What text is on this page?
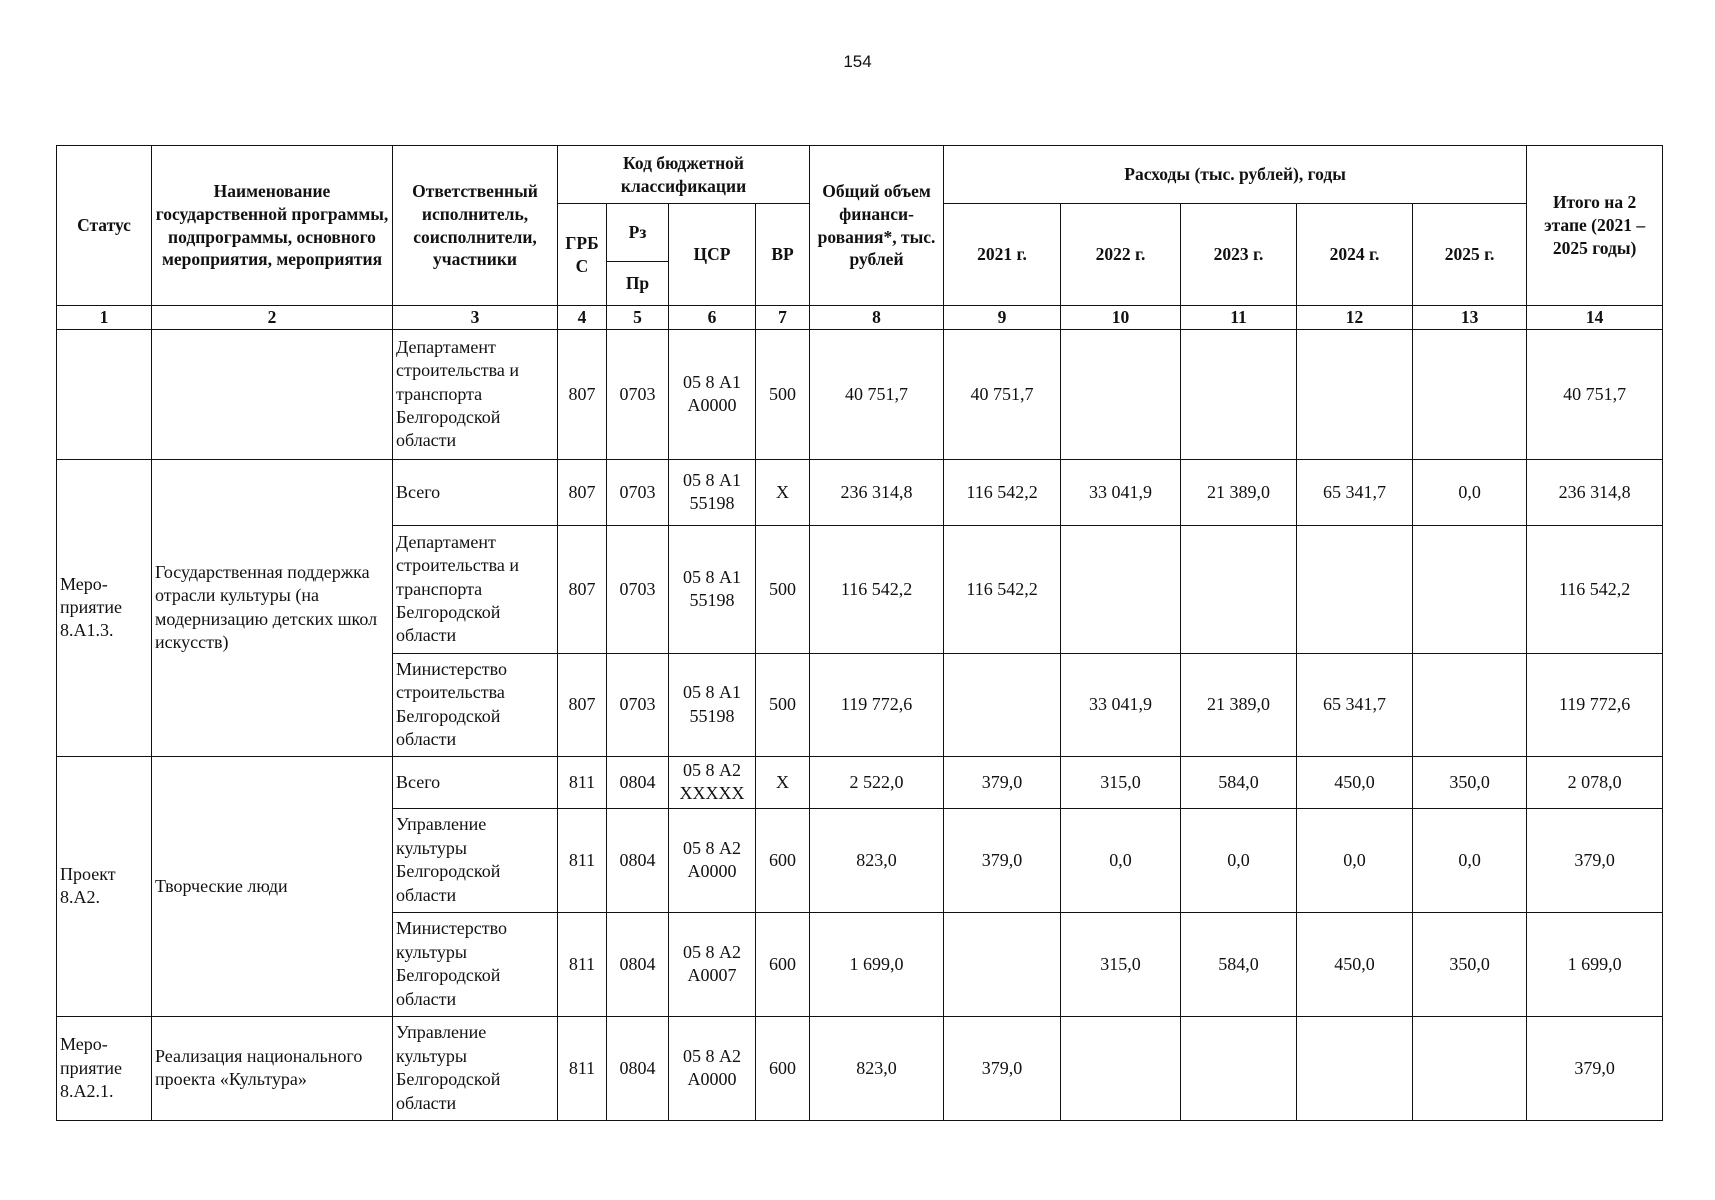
154
Статус	Наименование государственной программы, подпрограммы, основного мероприятия, мероприятия	Ответственный исполнитель, соисполнители, участники	Код бюджетной классификации				Общий объем финанси-рования*, тыс. рублей	Расходы (тыс. рублей), годы					Итого на 2 этапе (2021 – 2025 годы)
			ГРБ С	Рз	ЦСР	ВР		2021 г.	2022 г.	2023 г.	2024 г.	2025 г.	
				Пр									
1	2	3	4	5	6	7	8	9	10	11	12	13	14
		Департамент строительства и транспорта Белгородской области	807	0703	05 8 А1 А0000	500	40 751,7	40 751,7					40 751,7
Меро-приятие 8.А1.3.	Государственная поддержка отрасли культуры (на модернизацию детских школ искусств)	Всего	807	0703	05 8 А1 55198	Х	236 314,8	116 542,2	33 041,9	21 389,0	65 341,7	0,0	236 314,8
		Департамент строительства и транспорта Белгородской области	807	0703	05 8 А1 55198	500	116 542,2	116 542,2					116 542,2
		Министерство строительства Белгородской области	807	0703	05 8 А1 55198	500	119 772,6		33 041,9	21 389,0	65 341,7		119 772,6
Проект 8.А2.	Творческие люди	Всего	811	0804	05 8 А2 ХХХХХ	Х	2 522,0	379,0	315,0	584,0	450,0	350,0	2 078,0
		Управление культуры Белгородской области	811	0804	05 8 А2 А0000	600	823,0	379,0	0,0	0,0	0,0	0,0	379,0
		Министерство культуры Белгородской области	811	0804	05 8 А2 А0007	600	1 699,0		315,0	584,0	450,0	350,0	1 699,0
Меро-приятие 8.А2.1.	Реализация национального проекта «Культура»	Управление культуры Белгородской области	811	0804	05 8 А2 А0000	600	823,0	379,0					379,0
